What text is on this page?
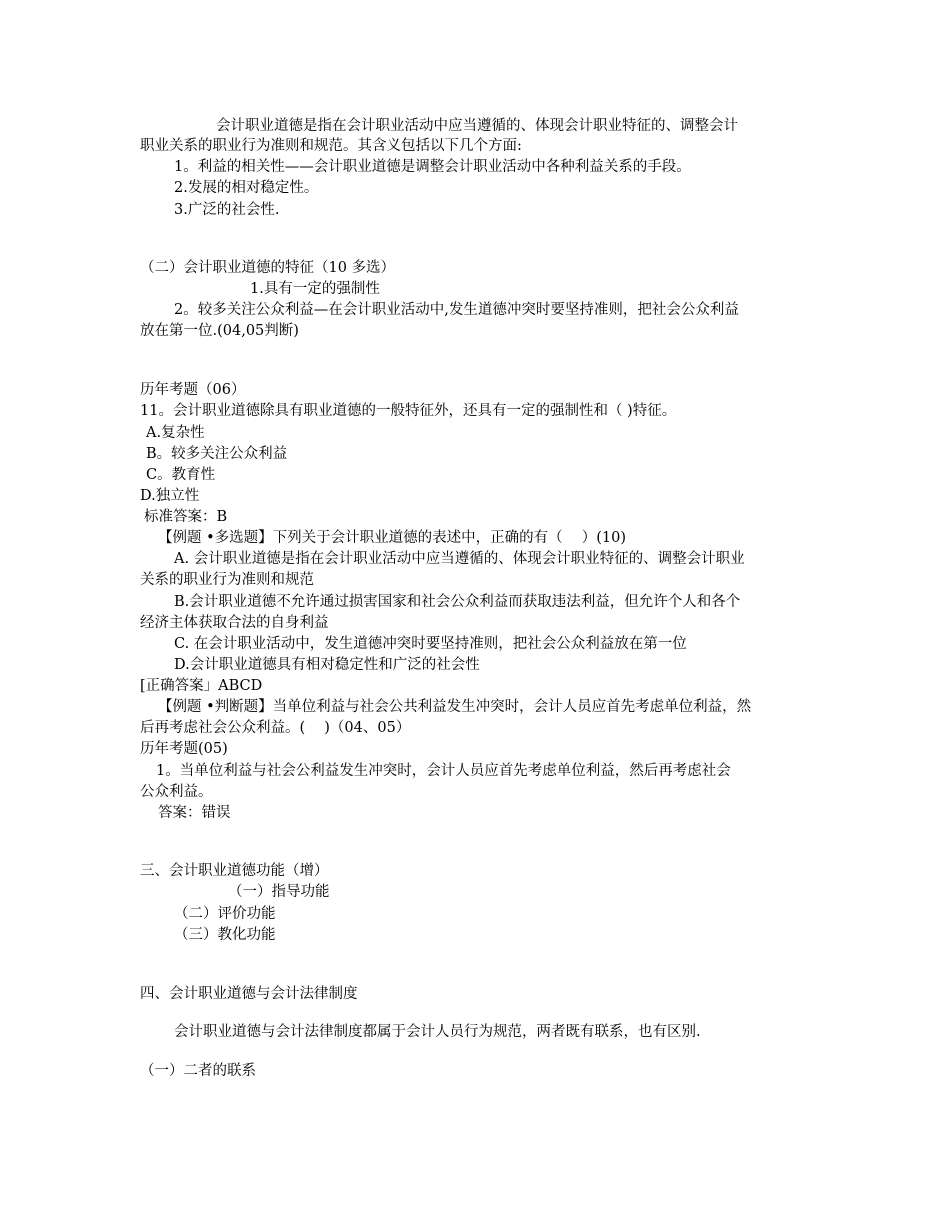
会计职业道德是指在会计职业活动中应当遵循的、体现会计职业特征的、调整会计
职业关系的职业行为准则和规范。其含义包括以下几个方面:
1。利益的相关性——会计职业道德是调整会计职业活动中各种利益关系的手段。
2.发展的相对稳定性。
3.广泛的社会性.
（二）会计职业道德的特征（10 多选）
1.具有一定的强制性
2。较多关注公众利益—在会计职业活动中,发生道德冲突时要坚持准则，把社会公众利益
放在第一位.(04,05判断)
历年考题（06）
11。会计职业道德除具有职业道德的一般特征外，还具有一定的强制性和（ )特征。
A.复杂性
B。较多关注公众利益
C。教育性
D.独立性
标准答案：B
【例题 •多选题】下列关于会计职业道德的表述中，正确的有（　 ）(10)
A. 会计职业道德是指在会计职业活动中应当遵循的、体现会计职业特征的、调整会计职业
关系的职业行为准则和规范
B.会计职业道德不允许通过损害国家和社会公众利益而获取违法利益，但允许个人和各个
经济主体获取合法的自身利益
C. 在会计职业活动中，发生道德冲突时要坚持准则，把社会公众利益放在第一位
D.会计职业道德具有相对稳定性和广泛的社会性
[正确答案」ABCD
【例题 •判断题】当单位利益与社会公共利益发生冲突时，会计人员应首先考虑单位利益，然
后再考虑社会公众利益。(　 )（04、05）
历年考题(05)
1。当单位利益与社会公利益发生冲突时，会计人员应首先考虑单位利益，然后再考虑社会
公众利益。
答案：错误
三、会计职业道德功能（增）
（一）指导功能
（二）评价功能
（三）教化功能
四、会计职业道德与会计法律制度
会计职业道德与会计法律制度都属于会计人员行为规范，两者既有联系，也有区别.
（一）二者的联系
